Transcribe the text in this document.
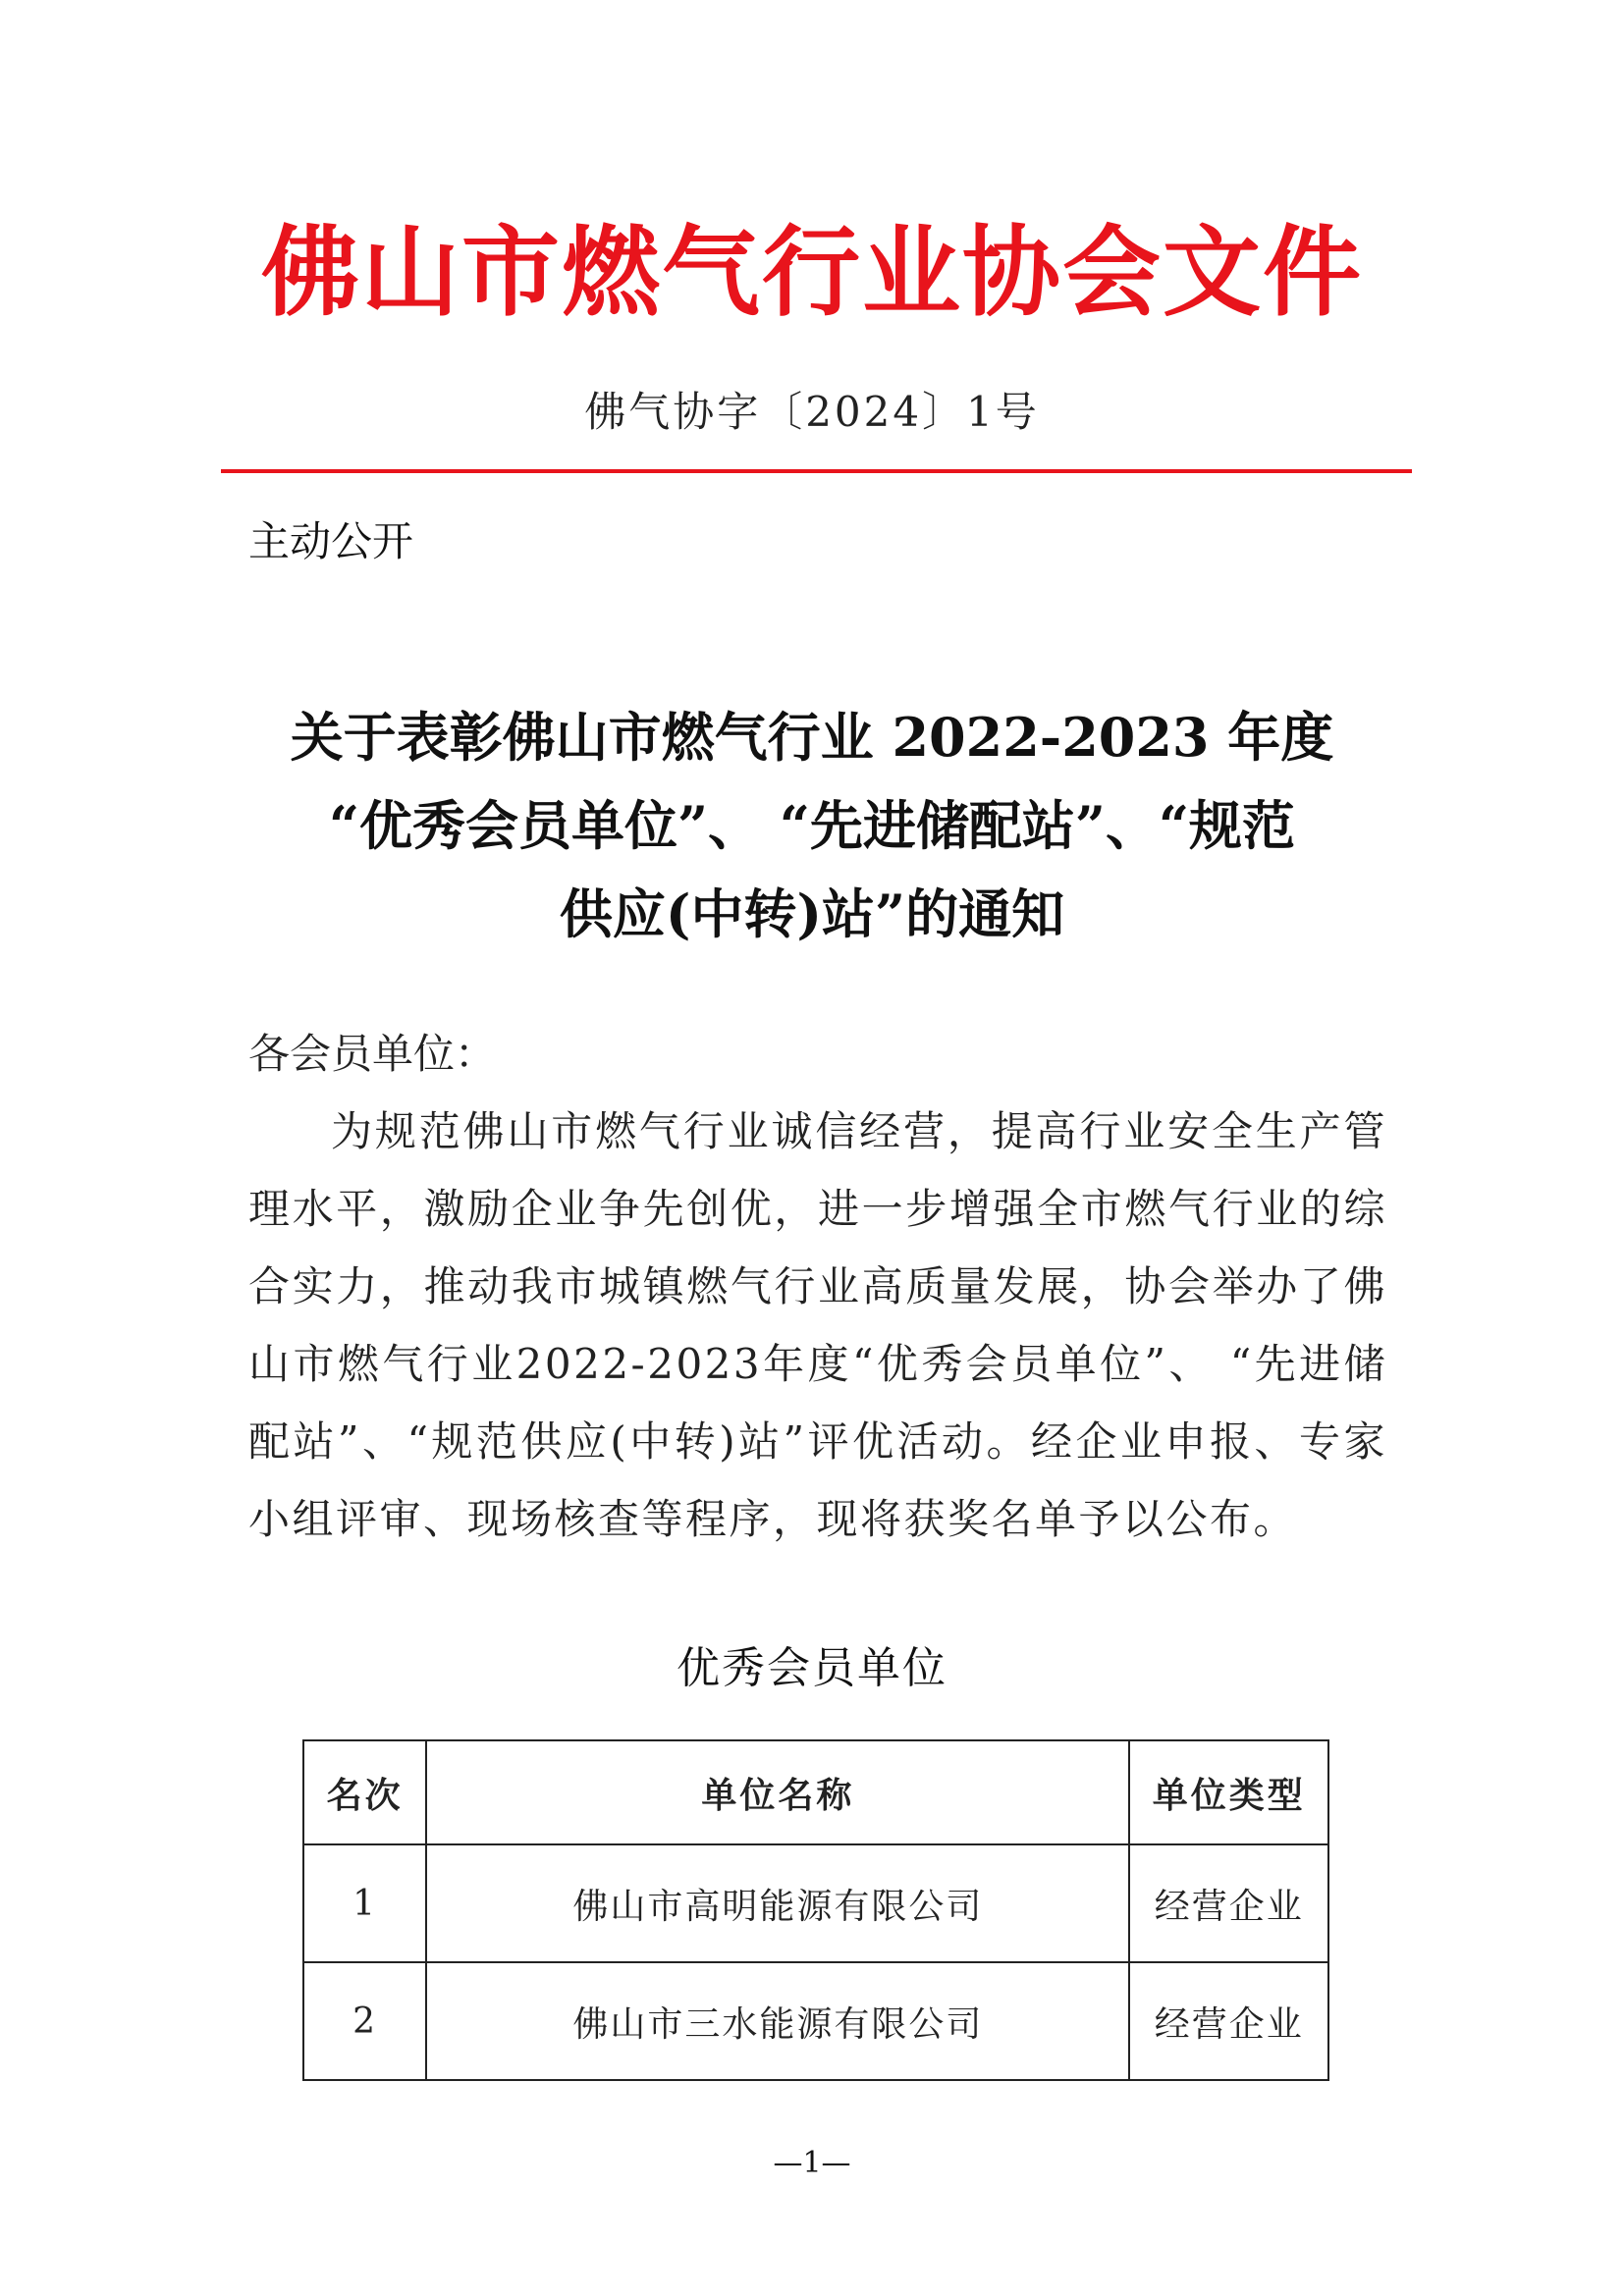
佛山市燃气行业协会文件
佛气协字〔2024〕1号
主动公开
关于表彰佛山市燃气行业 2022-2023 年度
“优秀会员单位”、 “先进储配站”、“规范
供应(中转)站”的通知

各会员单位：

为规范佛山市燃气行业诚信经营，提高行业安全生产管理水平，激励企业争先创优，进一步增强全市燃气行业的综合实力，推动我市城镇燃气行业高质量发展，协会举办了佛山市燃气行业2022-2023年度“优秀会员单位”、 “先进储配站”、“规范供应(中转)站”评优活动。经企业申报、专家小组评审、现场核查等程序，现将获奖名单予以公布。

优秀会员单位
名次	单位名称	单位类型
1	佛山市高明能源有限公司	经营企业
2	佛山市三水能源有限公司	经营企业
—1—
